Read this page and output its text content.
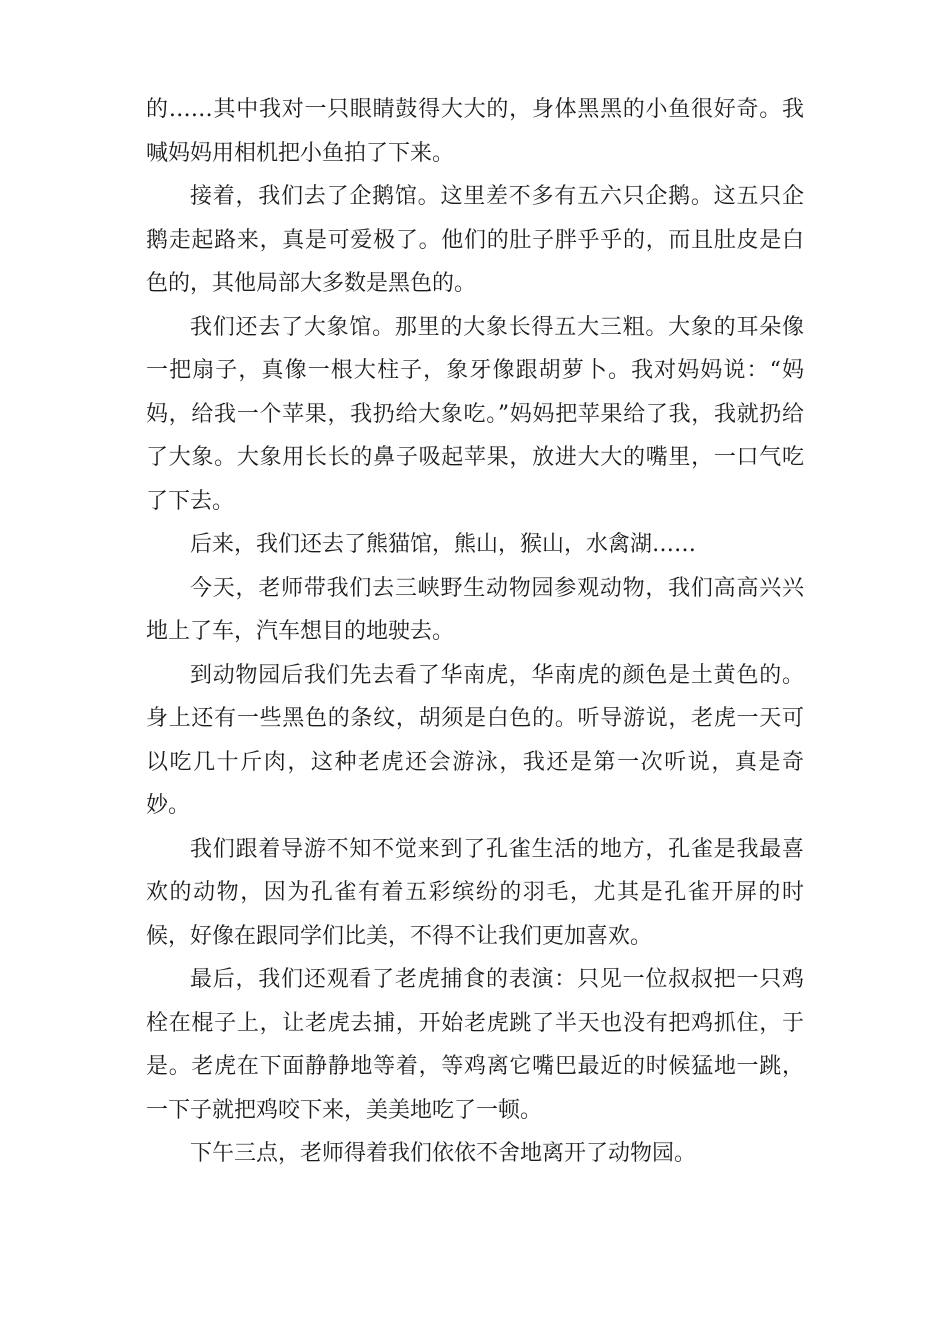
的……其中我对一只眼睛鼓得大大的，身体黑黑的小鱼很好奇。我喊妈妈用相机把小鱼拍了下来。

接着，我们去了企鹅馆。这里差不多有五六只企鹅。这五只企鹅走起路来，真是可爱极了。他们的肚子胖乎乎的，而且肚皮是白色的，其他局部大多数是黑色的。

我们还去了大象馆。那里的大象长得五大三粗。大象的耳朵像一把扇子，真像一根大柱子，象牙像跟胡萝卜。我对妈妈说：“妈妈，给我一个苹果，我扔给大象吃。”妈妈把苹果给了我，我就扔给了大象。大象用长长的鼻子吸起苹果，放进大大的嘴里，一口气吃了下去。

后来，我们还去了熊猫馆，熊山，猴山，水禽湖……

今天，老师带我们去三峡野生动物园参观动物，我们高高兴兴地上了车，汽车想目的地驶去。

到动物园后我们先去看了华南虎，华南虎的颜色是土黄色的。身上还有一些黑色的条纹，胡须是白色的。听导游说，老虎一天可以吃几十斤肉，这种老虎还会游泳，我还是第一次听说，真是奇妙。

我们跟着导游不知不觉来到了孔雀生活的地方，孔雀是我最喜欢的动物，因为孔雀有着五彩缤纷的羽毛，尤其是孔雀开屏的时候，好像在跟同学们比美，不得不让我们更加喜欢。

最后，我们还观看了老虎捕食的表演：只见一位叔叔把一只鸡栓在棍子上，让老虎去捕，开始老虎跳了半天也没有把鸡抓住，于是。老虎在下面静静地等着，等鸡离它嘴巴最近的时候猛地一跳，一下子就把鸡咬下来，美美地吃了一顿。

下午三点，老师得着我们依依不舍地离开了动物园。
